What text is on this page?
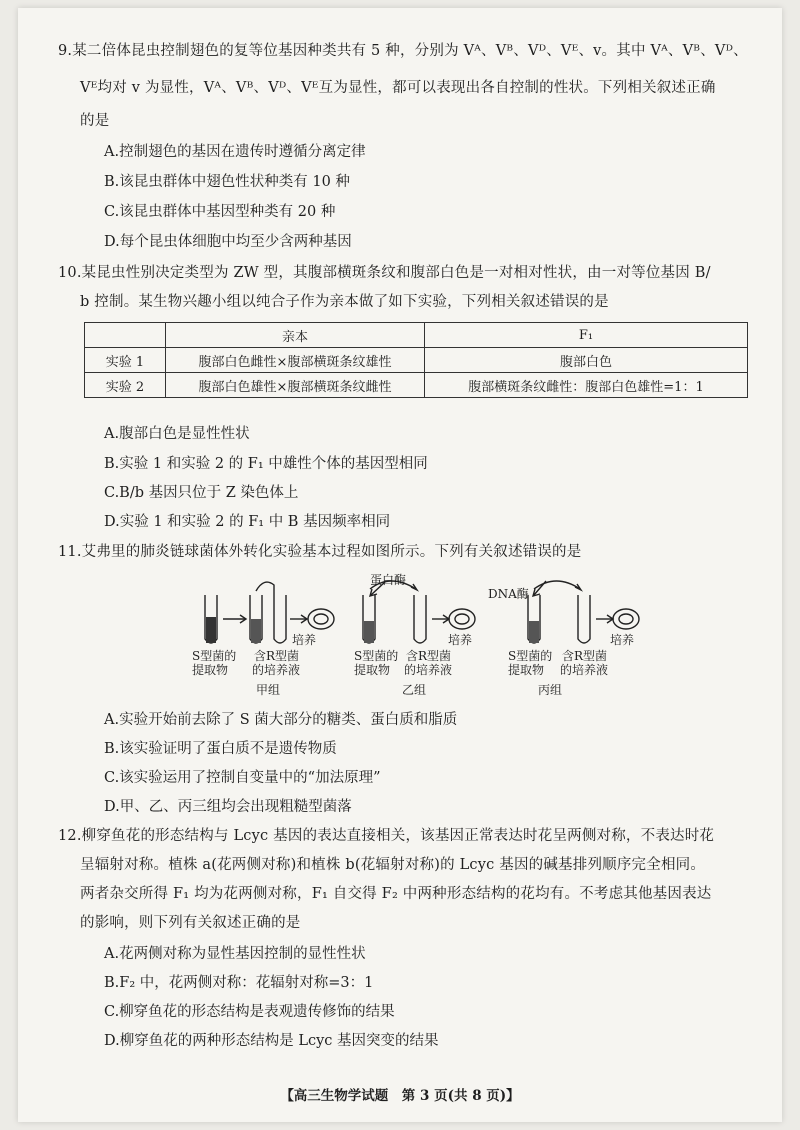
9.某二倍体昆虫控制翅色的复等位基因种类共有 5 种，分别为 Vᴬ、Vᴮ、Vᴰ、Vᴱ、v。其中 Vᴬ、Vᴮ、Vᴰ、
Vᴱ均对 v 为显性，Vᴬ、Vᴮ、Vᴰ、Vᴱ互为显性，都可以表现出各自控制的性状。下列相关叙述正确
的是
A.控制翅色的基因在遗传时遵循分离定律
B.该昆虫群体中翅色性状种类有 10 种
C.该昆虫群体中基因型种类有 20 种
D.每个昆虫体细胞中均至少含两种基因
10.某昆虫性别决定类型为 ZW 型，其腹部横斑条纹和腹部白色是一对相对性状，由一对等位基因 B/
b 控制。某生物兴趣小组以纯合子作为亲本做了如下实验，下列相关叙述错误的是
	亲本	F₁
实验 1	腹部白色雌性×腹部横斑条纹雄性	腹部白色
实验 2	腹部白色雄性×腹部横斑条纹雌性	腹部横斑条纹雌性：腹部白色雄性=1：1
A.腹部白色是显性性状
B.实验 1 和实验 2 的 F₁ 中雄性个体的基因型相同
C.B/b 基因只位于 Z 染色体上
D.实验 1 和实验 2 的 F₁ 中 B 基因频率相同
11.艾弗里的肺炎链球菌体外转化实验基本过程如图所示。下列有关叙述错误的是
蛋白酶
DNA酶
培养	培养	培养
S型菌的
提取物
含R型菌
的培养液
S型菌的
提取物
含R型菌
的培养液
S型菌的
提取物
含R型菌
的培养液
甲组	乙组	丙组
A.实验开始前去除了 S 菌大部分的糖类、蛋白质和脂质
B.该实验证明了蛋白质不是遗传物质
C.该实验运用了控制自变量中的“加法原理”
D.甲、乙、丙三组均会出现粗糙型菌落
12.柳穿鱼花的形态结构与 Lcyc 基因的表达直接相关，该基因正常表达时花呈两侧对称，不表达时花
呈辐射对称。植株 a(花两侧对称)和植株 b(花辐射对称)的 Lcyc 基因的碱基排列顺序完全相同。
两者杂交所得 F₁ 均为花两侧对称，F₁ 自交得 F₂ 中两种形态结构的花均有。不考虑其他基因表达
的影响，则下列有关叙述正确的是
A.花两侧对称为显性基因控制的显性性状
B.F₂ 中，花两侧对称：花辐射对称=3：1
C.柳穿鱼花的形态结构是表观遗传修饰的结果
D.柳穿鱼花的两种形态结构是 Lcyc 基因突变的结果
【高三生物学试题　第 3 页(共 8 页)】
